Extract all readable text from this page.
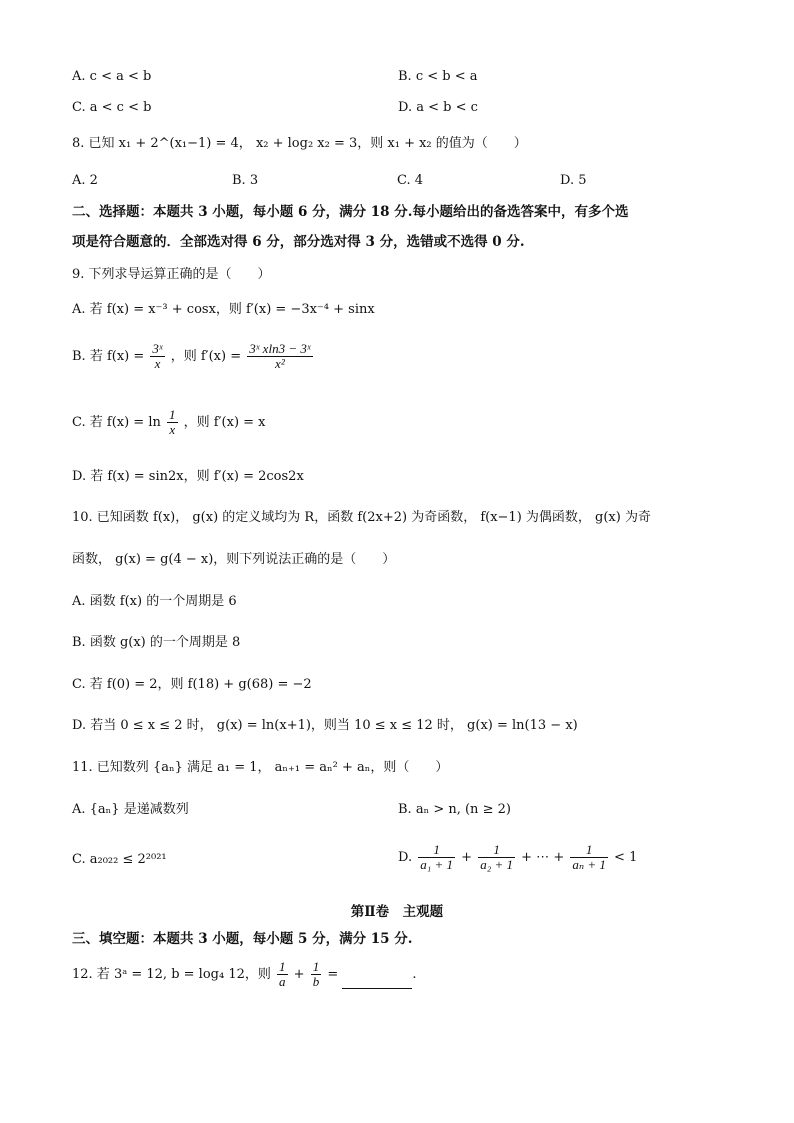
A. c < a < b	B. c < b < a
C. a < c < b	D. a < b < c
8. 已知 x₁ + 2^(x₁−1) = 4， x₂ + log₂ x₂ = 3，则 x₁ + x₂ 的值为（　　）
A. 2	B. 3	C. 4	D. 5
二、选择题：本题共 3 小题，每小题 6 分，满分 18 分.每小题给出的备选答案中，有多个选
项是符合题意的．全部选对得 6 分，部分选对得 3 分，选错或不选得 0 分.
9. 下列求导运算正确的是（　　）
A. 若 f(x) = x⁻³ + cosx，则 f′(x) = −3x⁻⁴ + sinx
B. 若 $f(x) = \frac{\text{3ˣ}}{x}$ ，则 $f'(x) = \frac{\text{3ˣ xln3 − 3ˣ}}{\text{x²}}$
C. 若 $f(x) = \ln \frac{1}{x}$ ，则 f′(x) = x
D. 若 f(x) = sin2x，则 f′(x) = 2cos2x
10. 已知函数 f(x)， g(x) 的定义域均为 R，函数 f(2x+2) 为奇函数， f(x−1) 为偶函数， g(x) 为奇
函数， g(x) = g(4 − x)，则下列说法正确的是（　　）
A. 函数 f(x) 的一个周期是 6
B. 函数 g(x) 的一个周期是 8
C. 若 f(0) = 2，则 f(18) + g(68) = −2
D. 若当 0 ≤ x ≤ 2 时， g(x) = ln(x+1)，则当 10 ≤ x ≤ 12 时， g(x) = ln(13 − x)
11. 已知数列 {aₙ} 满足 a₁ = 1， aₙ₊₁ = aₙ² + aₙ，则（　　）
A. {aₙ} 是递减数列	B. aₙ > n, (n ≥ 2)
C. a₂₀₂₂ ≤ 2²⁰²¹	D. $\frac{1}{\text{a₁ + 1}} + \frac{1}{\text{a₂ + 1}}$ + ⋯ + $\frac{1}{\text{aₙ + 1}} < 1$
第Ⅱ卷　主观题
三、填空题：本题共 3 小题，每小题 5 分，满分 15 分.
12. 若 3ᵃ = 12, b = log₄ 12，则 $\frac{1}{a} + \frac{1}{b}$ =	.
